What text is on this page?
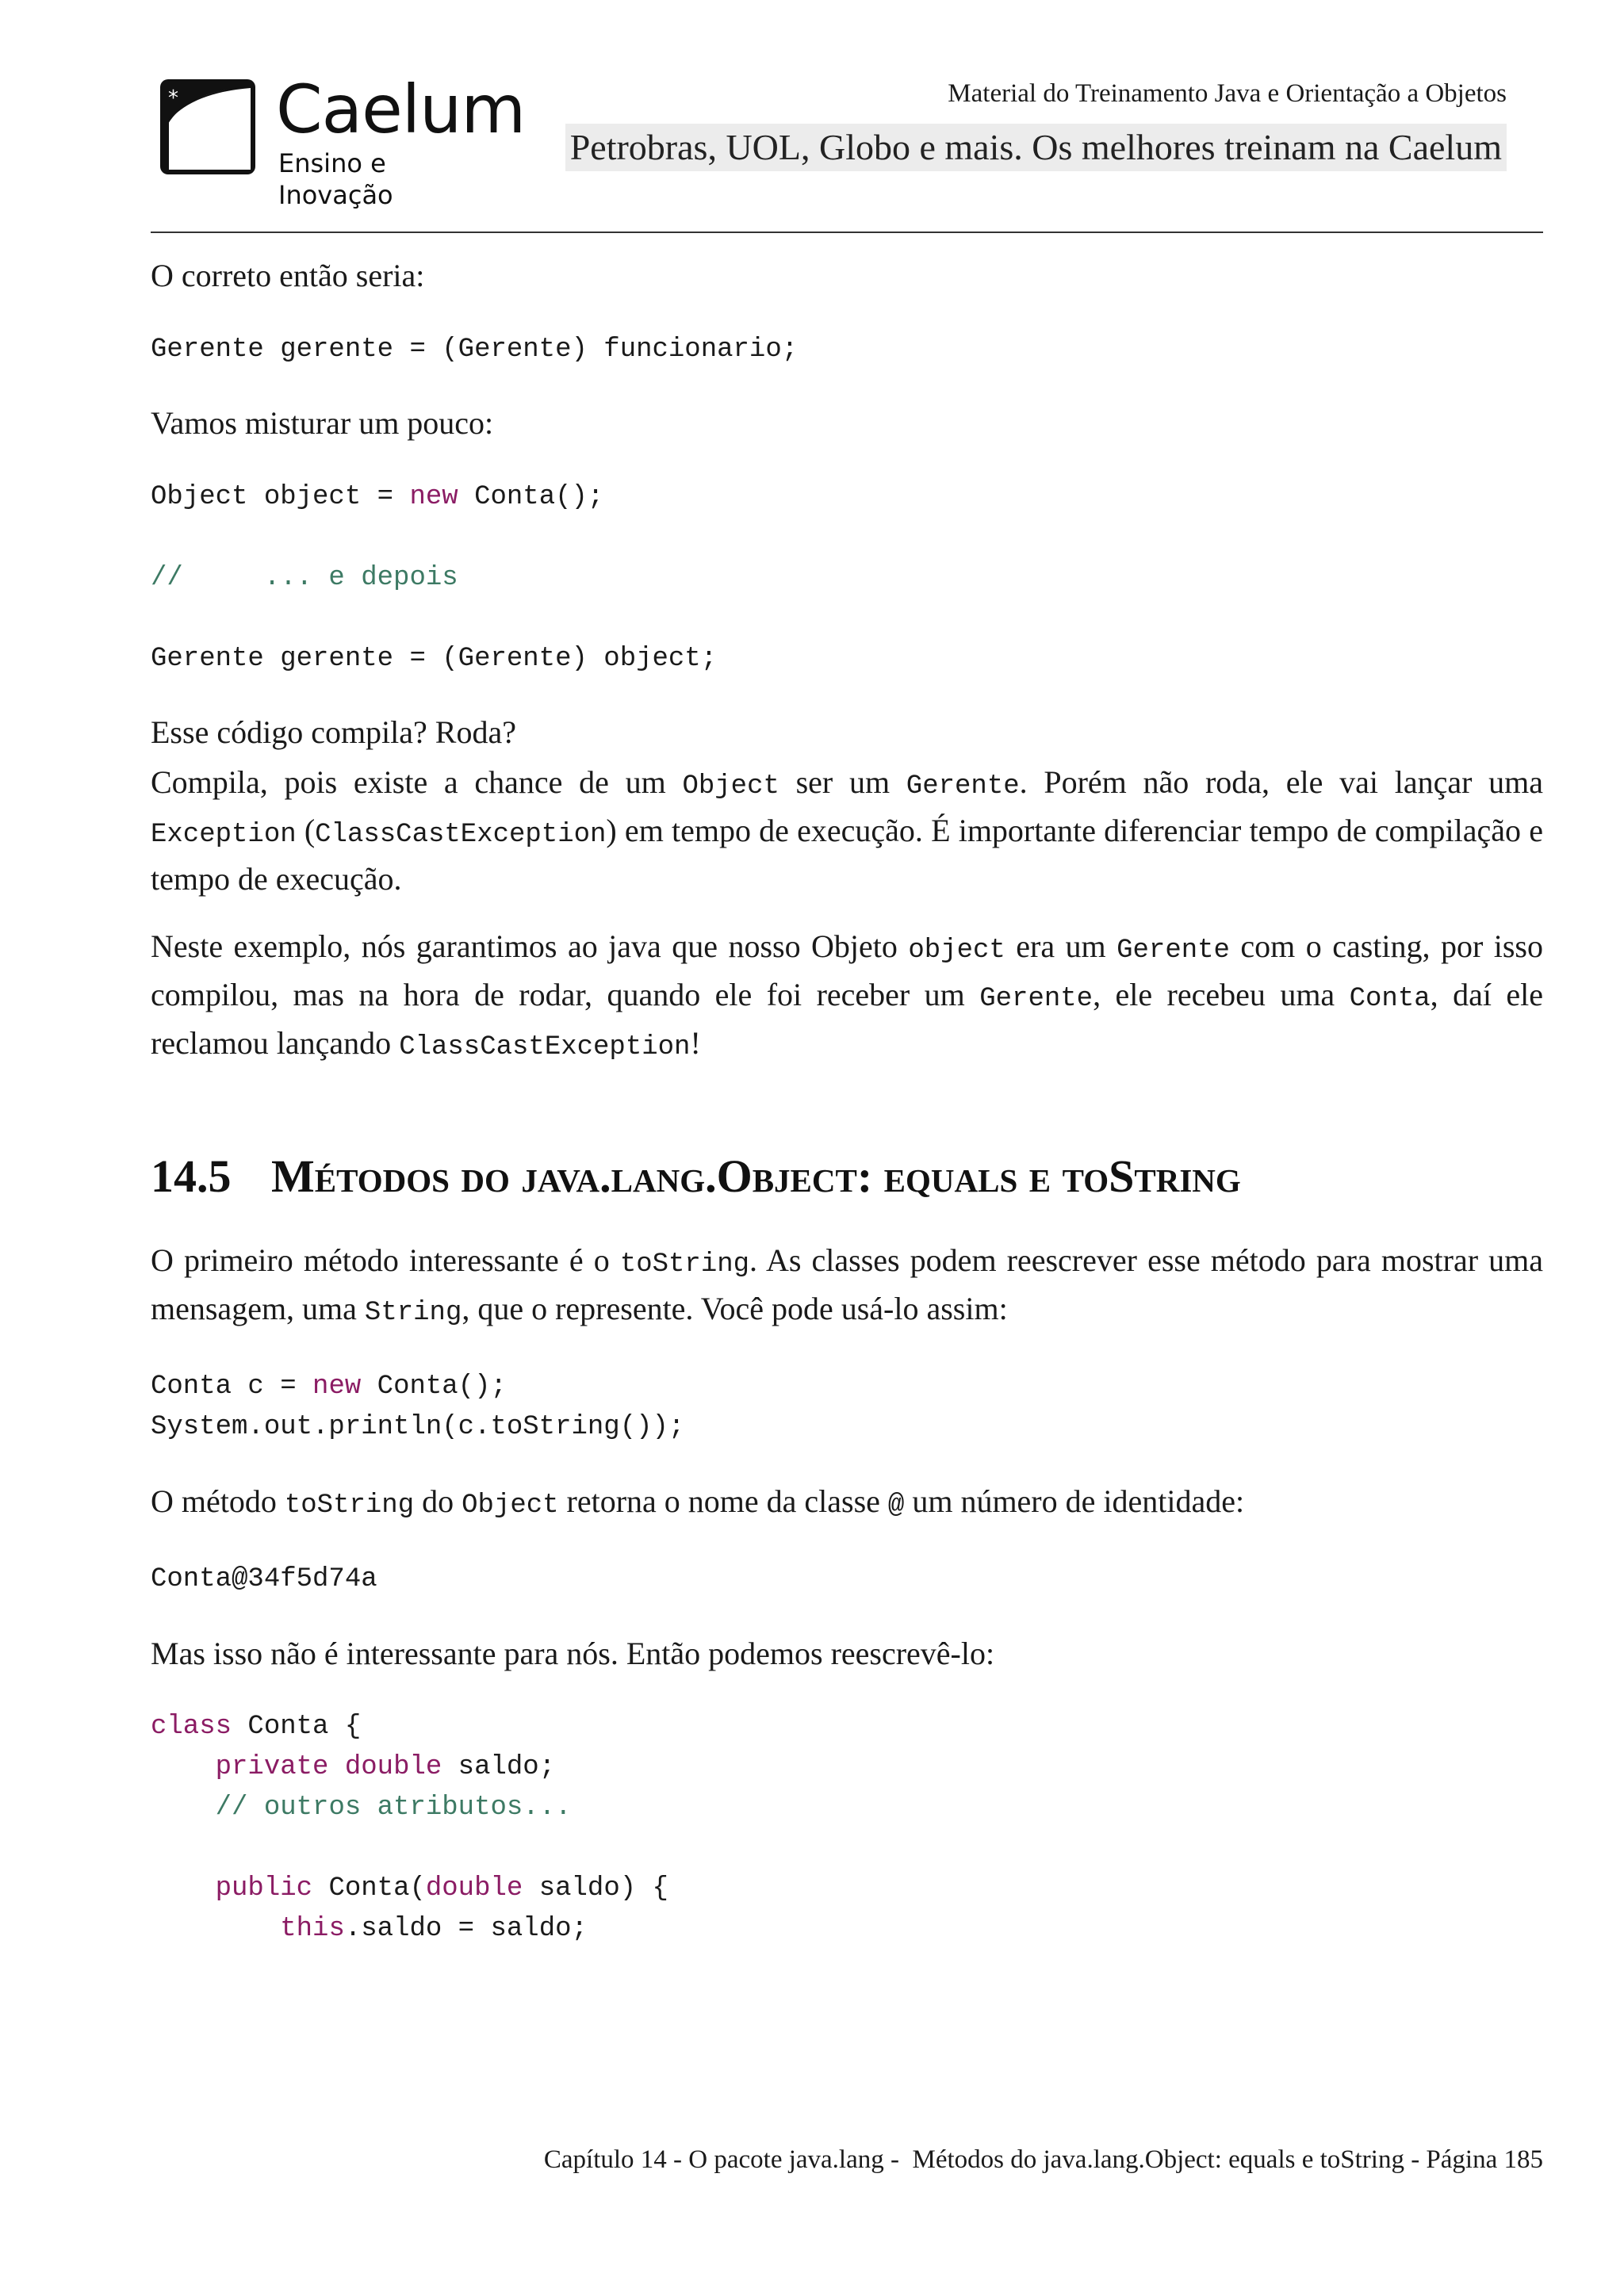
* Caelum
Ensino e Inovação
Material do Treinamento Java e Orientação a Objetos
Petrobras, UOL, Globo e mais. Os melhores treinam na Caelum

O correto então seria:

Gerente gerente = (Gerente) funcionario;

Vamos misturar um pouco:

Object object = new Conta();
//     ... e depois
Gerente gerente = (Gerente) object;

Esse código compila? Roda?

Compila, pois existe a chance de um Object ser um Gerente. Porém não roda, ele vai lançar uma Exception (ClassCastException) em tempo de execução. É importante diferenciar tempo de compilação e tempo de execução.

Neste exemplo, nós garantimos ao java que nosso Objeto object era um Gerente com o casting, por isso compilou, mas na hora de rodar, quando ele foi receber um Gerente, ele recebeu uma Conta, daí ele reclamou lançando ClassCastException!

14.5 Métodos do java.lang.Object: equals e toString

O primeiro método interessante é o toString. As classes podem reescrever esse método para mostrar uma mensagem, uma String, que o represente. Você pode usá-lo assim:

Conta c = new Conta();
System.out.println(c.toString());

O método toString do Object retorna o nome da classe @ um número de identidade:

Conta@34f5d74a

Mas isso não é interessante para nós. Então podemos reescrevê-lo:

class Conta {
private double saldo;
// outros atributos...
public Conta(double saldo) {
this.saldo = saldo;
Capítulo 14 - O pacote java.lang -  Métodos do java.lang.Object: equals e toString - Página 185
